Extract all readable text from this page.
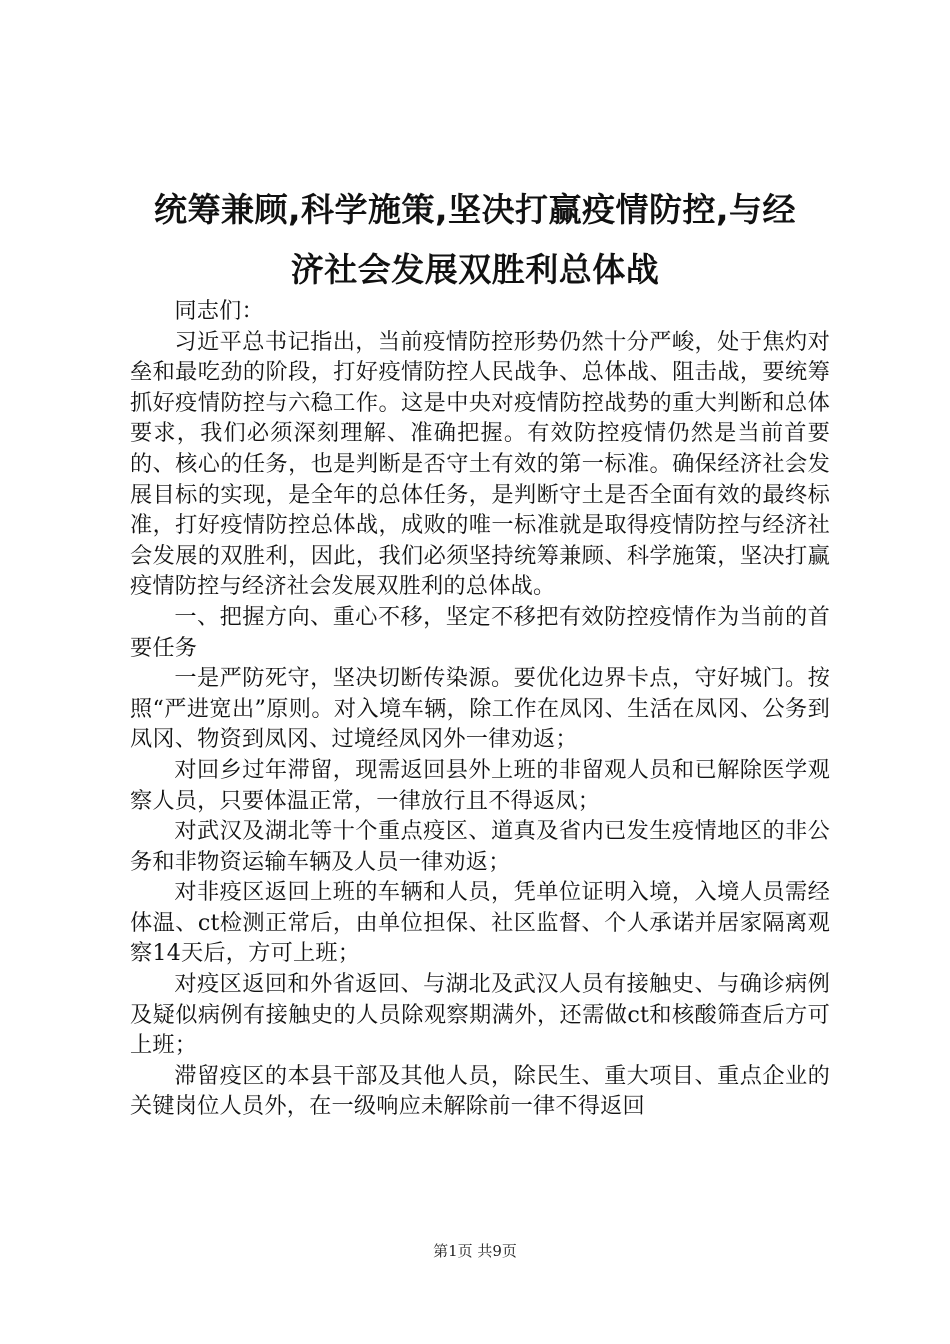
统筹兼顾,科学施策,坚决打赢疫情防控,与经
济社会发展双胜利总体战

同志们：

习近平总书记指出，当前疫情防控形势仍然十分严峻，处于焦灼对垒和最吃劲的阶段，打好疫情防控人民战争、总体战、阻击战，要统筹抓好疫情防控与六稳工作。这是中央对疫情防控战势的重大判断和总体要求，我们必须深刻理解、准确把握。有效防控疫情仍然是当前首要的、核心的任务，也是判断是否守土有效的第一标准。确保经济社会发展目标的实现，是全年的总体任务，是判断守土是否全面有效的最终标准，打好疫情防控总体战，成败的唯一标准就是取得疫情防控与经济社会发展的双胜利，因此，我们必须坚持统筹兼顾、科学施策，坚决打赢疫情防控与经济社会发展双胜利的总体战。

一、把握方向、重心不移，坚定不移把有效防控疫情作为当前的首要任务

一是严防死守，坚决切断传染源。要优化边界卡点，守好城门。按照“严进宽出”原则。对入境车辆，除工作在凤冈、生活在凤冈、公务到凤冈、物资到凤冈、过境经凤冈外一律劝返；

对回乡过年滞留，现需返回县外上班的非留观人员和已解除医学观察人员，只要体温正常，一律放行且不得返凤；

对武汉及湖北等十个重点疫区、道真及省内已发生疫情地区的非公务和非物资运输车辆及人员一律劝返；

对非疫区返回上班的车辆和人员，凭单位证明入境，入境人员需经体温、ct检测正常后，由单位担保、社区监督、个人承诺并居家隔离观察14天后，方可上班；

对疫区返回和外省返回、与湖北及武汉人员有接触史、与确诊病例及疑似病例有接触史的人员除观察期满外，还需做ct和核酸筛查后方可上班；

滞留疫区的本县干部及其他人员，除民生、重大项目、重点企业的关键岗位人员外，在一级响应未解除前一律不得返回

第1页 共9页
